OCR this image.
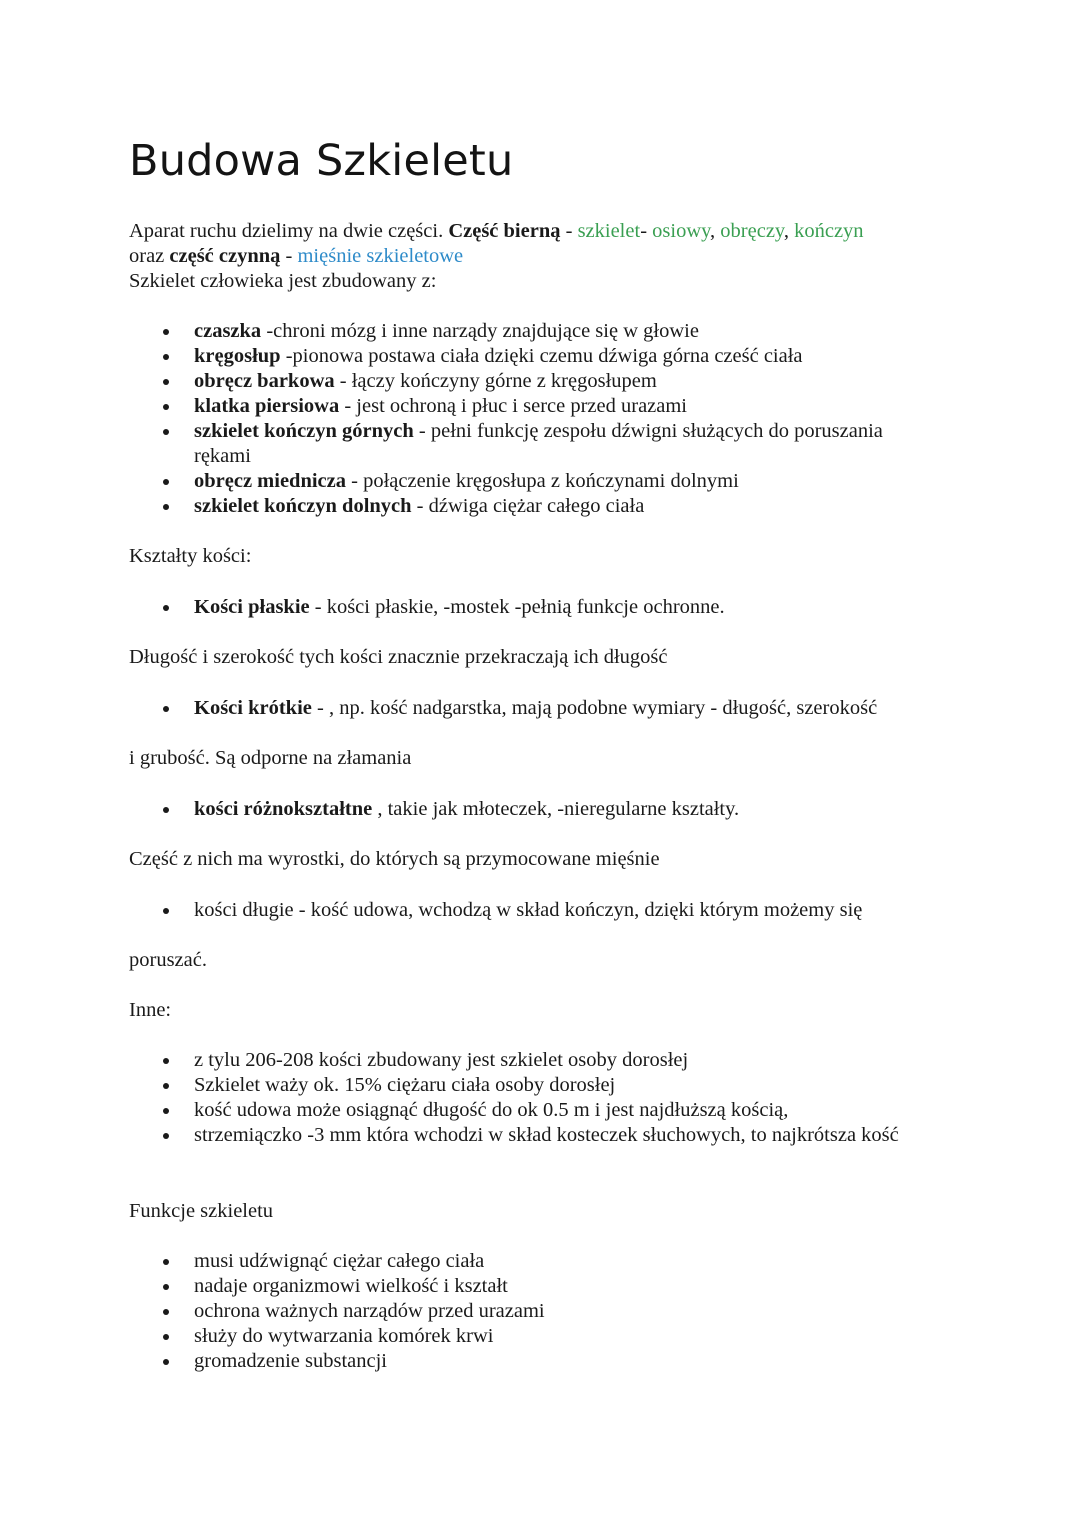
Budowa Szkieletu
Aparat ruchu dzielimy na dwie części. Część bierną - szkielet- osiowy, obręczy, kończyn
oraz część czynną - mięśnie szkieletowe
Szkielet człowieka jest zbudowany z:
czaszka -chroni mózg i inne narządy znajdujące się w głowie
kręgosłup -pionowa postawa ciała dzięki czemu dźwiga górna cześć ciała
obręcz barkowa - łączy kończyny górne z kręgosłupem
klatka piersiowa - jest ochroną i płuc i serce przed urazami
szkielet kończyn górnych - pełni funkcję zespołu dźwigni służących do poruszania
rękami
obręcz miednicza - połączenie kręgosłupa z kończynami dolnymi
szkielet kończyn dolnych - dźwiga ciężar całego ciała
Kształty kości:
Kości płaskie - kości płaskie, -mostek -pełnią funkcje ochronne.
Długość i szerokość tych kości znacznie przekraczają ich długość
Kości krótkie - , np. kość nadgarstka, mają podobne wymiary - długość, szerokość
i grubość. Są odporne na złamania
kości różnokształtne , takie jak młoteczek, -nieregularne kształty.
Część z nich ma wyrostki, do których są przymocowane mięśnie
kości długie - kość udowa, wchodzą w skład kończyn, dzięki którym możemy się
poruszać.
Inne:
z tylu 206-208 kości zbudowany jest szkielet osoby dorosłej
Szkielet waży ok. 15% ciężaru ciała osoby dorosłej
kość udowa może osiągnąć długość do ok 0.5 m i jest najdłuższą kością,
strzemiączko -3 mm która wchodzi w skład kosteczek słuchowych, to najkrótsza kość
Funkcje szkieletu
musi udźwignąć ciężar całego ciała
nadaje organizmowi wielkość i kształt
ochrona ważnych narządów przed urazami
służy do wytwarzania komórek krwi
gromadzenie substancji
